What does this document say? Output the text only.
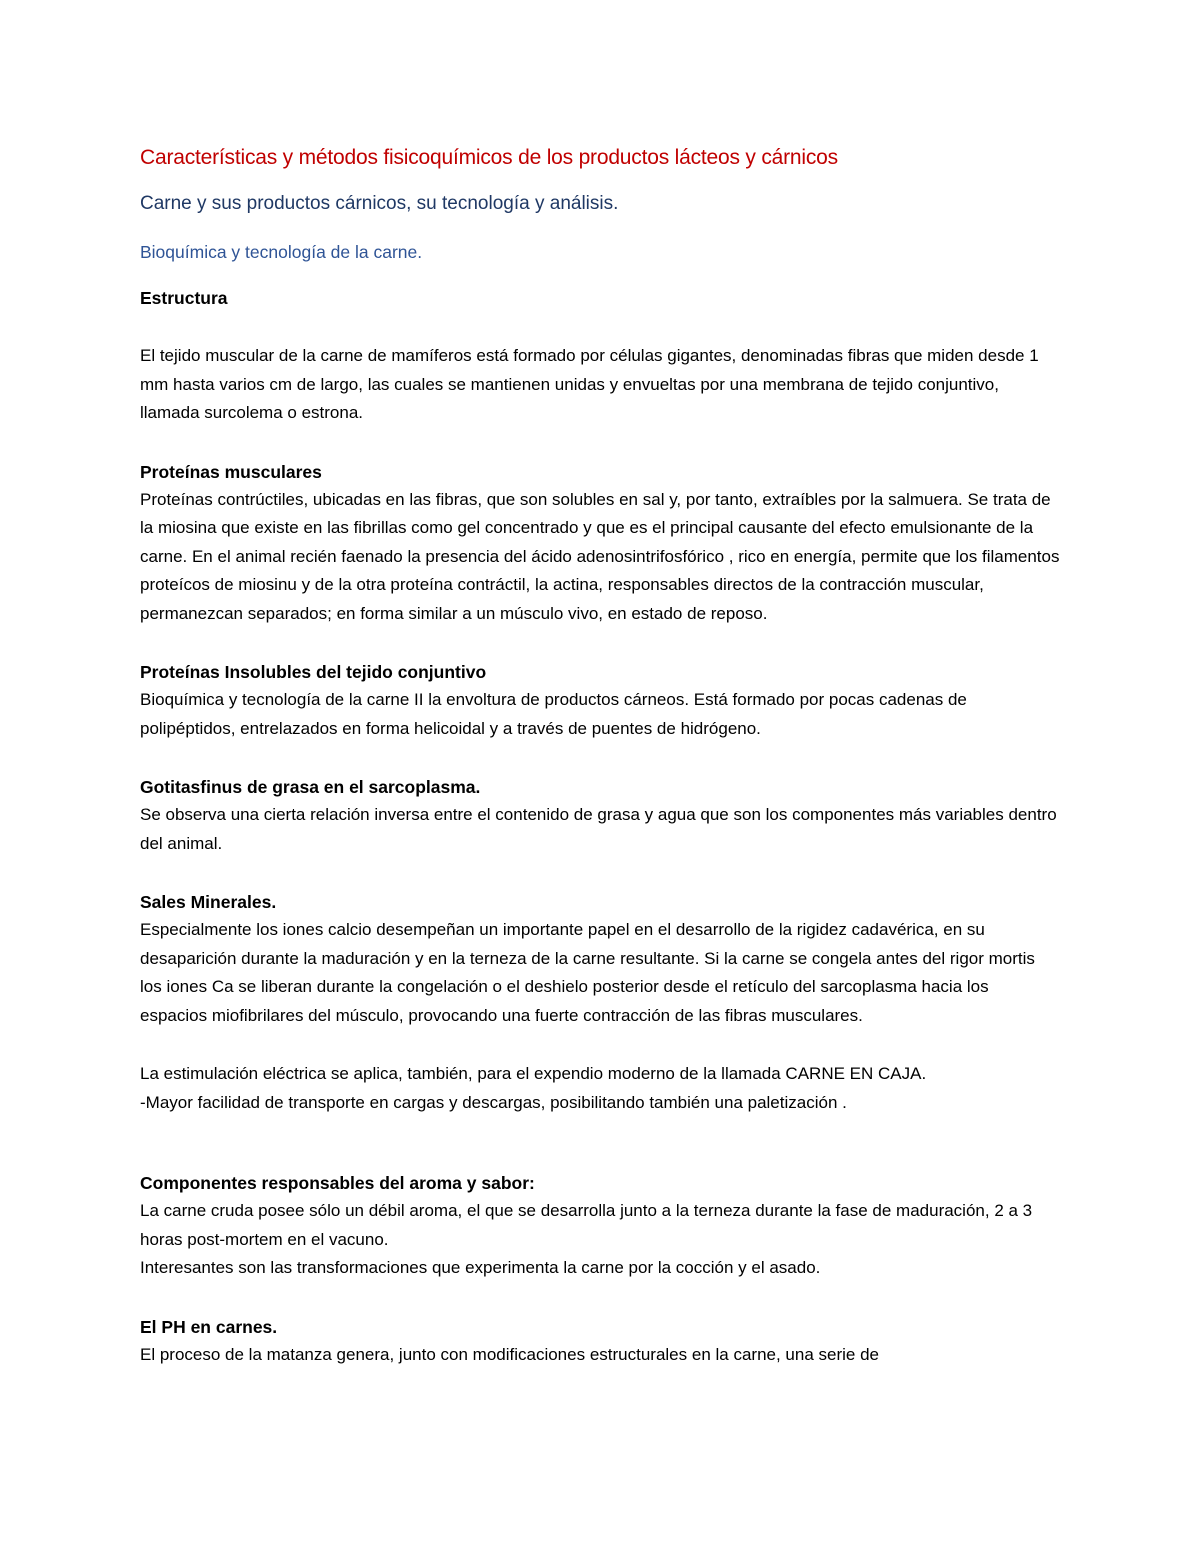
Características y métodos fisicoquímicos de los productos lácteos y cárnicos
Carne y sus productos cárnicos, su tecnología y análisis.
Bioquímica y tecnología de la carne.
Estructura

El tejido muscular de la carne de mamíferos está formado por células gigantes, denominadas fibras que miden desde 1 mm hasta varios cm de largo, las cuales se mantienen unidas y envueltas por una membrana de tejido conjuntivo, llamada surcolema o estrona.

Proteínas musculares

Proteínas contrúctiles, ubicadas en las fibras, que son solubles en sal y, por tanto, extraíbles por la salmuera. Se trata de la miosina que existe en las fibrillas como gel concentrado y que es el principal causante del efecto emulsionante de la carne. En el animal recién faenado la presencia del ácido adenosintrifosfórico , rico en energía, permite que los filamentos proteícos de miosinu y de la otra proteína contráctil, la actina, responsables directos de la contracción muscular, permanezcan separados; en forma similar a un músculo vivo, en estado de reposo.

Proteínas Insolubles del tejido conjuntivo

Bioquímica y tecnología de la carne II la envoltura de productos cárneos. Está formado por pocas cadenas de polipéptidos, entrelazados en forma helicoidal y a través de puentes de hidrógeno.

Gotitasfinus de grasa en el sarcoplasma.

Se observa una cierta relación inversa entre el contenido de grasa y agua que son los componentes más variables dentro del animal.

Sales Minerales.

Especialmente los iones calcio desempeñan un importante papel en el desarrollo de la rigidez cadavérica, en su desaparición durante la maduración y en la terneza de la carne resultante. Si la carne se congela antes del rigor mortis los iones Ca se liberan durante la congelación o el deshielo posterior desde el retículo del sarcoplasma hacia los espacios miofibrilares del músculo, provocando una fuerte contracción de las fibras musculares.

La estimulación eléctrica se aplica, también, para el expendio moderno de la llamada CARNE EN CAJA.

-Mayor facilidad de transporte en cargas y descargas, posibilitando también una paletización .

Componentes responsables del aroma y sabor:

La carne cruda posee sólo un débil aroma, el que se desarrolla junto a la terneza durante la fase de maduración, 2 a 3 horas post-mortem en el vacuno.

Interesantes son las transformaciones que experimenta la carne por la cocción y el asado.

El PH en carnes.

El proceso de la matanza genera, junto con modificaciones estructurales en la carne, una serie de
